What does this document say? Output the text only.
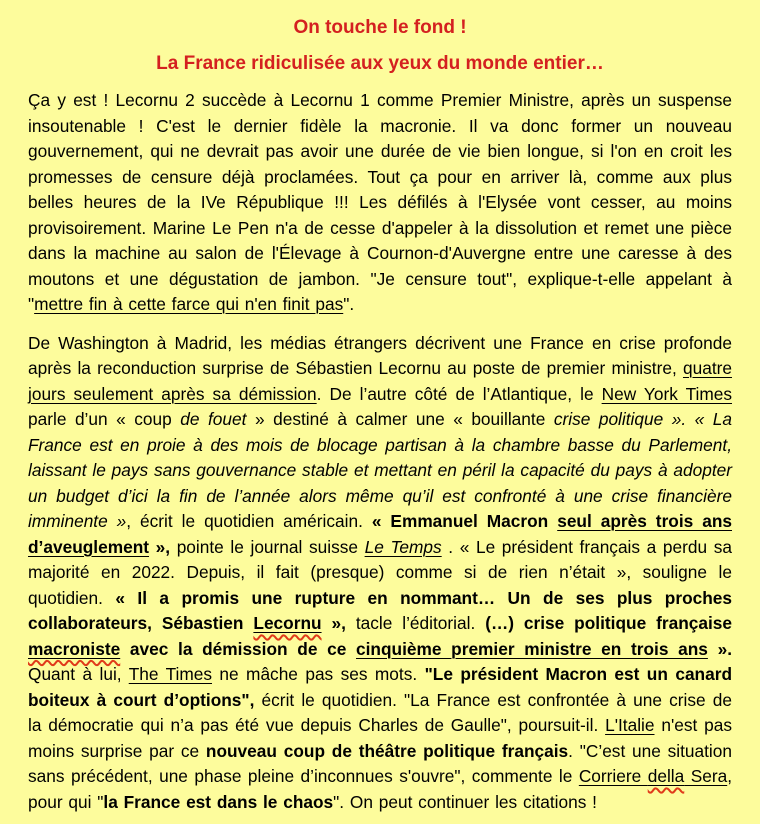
On touche le fond !
La France ridiculisée aux yeux du monde entier…

Ça y est ! Lecornu 2 succède à Lecornu 1 comme Premier Ministre, après un suspense insoutenable ! C'est le dernier fidèle la macronie. Il va donc former un nouveau gouvernement, qui ne devrait pas avoir une durée de vie bien longue, si l'on en croit les promesses de censure déjà proclamées. Tout ça pour en arriver là, comme aux plus belles heures de la IVe République !!! Les défilés à l'Elysée vont cesser, au moins provisoirement. Marine Le Pen n'a de cesse d'appeler à la dissolution et remet une pièce dans la machine au salon de l'Élevage à Cournon-d'Auvergne entre une caresse à des moutons et une dégustation de jambon. "Je censure tout", explique-t-elle appelant à "mettre fin à cette farce qui n'en finit pas".

De Washington à Madrid, les médias étrangers décrivent une France en crise profonde après la reconduction surprise de Sébastien Lecornu au poste de premier ministre, quatre jours seulement après sa démission. De l’autre côté de l’Atlantique, le New York Times parle d’un « coup de fouet » destiné à calmer une « bouillante crise politique ». « La France est en proie à des mois de blocage partisan à la chambre basse du Parlement, laissant le pays sans gouvernance stable et mettant en péril la capacité du pays à adopter un budget d’ici la fin de l’année alors même qu’il est confronté à une crise financière imminente », écrit le quotidien américain. « Emmanuel Macron seul après trois ans d’aveuglement », pointe le journal suisse Le Temps . « Le président français a perdu sa majorité en 2022. Depuis, il fait (presque) comme si de rien n’était », souligne le quotidien. « Il a promis une rupture en nommant… Un de ses plus proches collaborateurs, Sébastien Lecornu », tacle l’éditorial. (…) crise politique française macroniste avec la démission de ce cinquième premier ministre en trois ans ». Quant à lui, The Times ne mâche pas ses mots. "Le président Macron est un canard boiteux à court d’options", écrit le quotidien. "La France est confrontée à une crise de la démocratie qui n’a pas été vue depuis Charles de Gaulle", poursuit-il. L'Italie n'est pas moins surprise par ce nouveau coup de théâtre politique français. "C’est une situation sans précédent, une phase pleine d’inconnues s'ouvre", commente le Corriere della Sera, pour qui "la France est dans le chaos". On peut continuer les citations !
